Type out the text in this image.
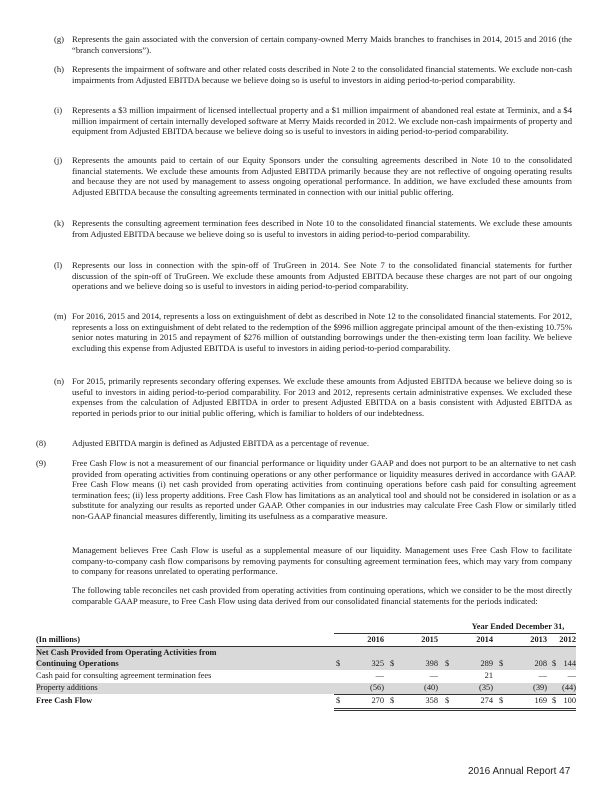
(g) Represents the gain associated with the conversion of certain company-owned Merry Maids branches to franchises in 2014, 2015 and 2016 (the “branch conversions”).
(h) Represents the impairment of software and other related costs described in Note 2 to the consolidated financial statements. We exclude non-cash impairments from Adjusted EBITDA because we believe doing so is useful to investors in aiding period-to-period comparability.
(i) Represents a $3 million impairment of licensed intellectual property and a $1 million impairment of abandoned real estate at Terminix, and a $4 million impairment of certain internally developed software at Merry Maids recorded in 2012. We exclude non-cash impairments of property and equipment from Adjusted EBITDA because we believe doing so is useful to investors in aiding period-to-period comparability.
(j) Represents the amounts paid to certain of our Equity Sponsors under the consulting agreements described in Note 10 to the consolidated financial statements. We exclude these amounts from Adjusted EBITDA primarily because they are not reflective of ongoing operating results and because they are not used by management to assess ongoing operational performance. In addition, we have excluded these amounts from Adjusted EBITDA because the consulting agreements terminated in connection with our initial public offering.
(k) Represents the consulting agreement termination fees described in Note 10 to the consolidated financial statements. We exclude these amounts from Adjusted EBITDA because we believe doing so is useful to investors in aiding period-to-period comparability.
(l) Represents our loss in connection with the spin-off of TruGreen in 2014. See Note 7 to the consolidated financial statements for further discussion of the spin-off of TruGreen. We exclude these amounts from Adjusted EBITDA because these charges are not part of our ongoing operations and we believe doing so is useful to investors in aiding period-to-period comparability.
(m) For 2016, 2015 and 2014, represents a loss on extinguishment of debt as described in Note 12 to the consolidated financial statements. For 2012, represents a loss on extinguishment of debt related to the redemption of the $996 million aggregate principal amount of the then-existing 10.75% senior notes maturing in 2015 and repayment of $276 million of outstanding borrowings under the then-existing term loan facility. We believe excluding this expense from Adjusted EBITDA is useful to investors in aiding period-to-period comparability.
(n) For 2015, primarily represents secondary offering expenses. We exclude these amounts from Adjusted EBITDA because we believe doing so is useful to investors in aiding period-to-period comparability. For 2013 and 2012, represents certain administrative expenses. We excluded these expenses from the calculation of Adjusted EBITDA in order to present Adjusted EBITDA on a basis consistent with Adjusted EBITDA as reported in periods prior to our initial public offering, which is familiar to holders of our indebtedness.
(8)	Adjusted EBITDA margin is defined as Adjusted EBITDA as a percentage of revenue.
(9)	Free Cash Flow is not a measurement of our financial performance or liquidity under GAAP and does not purport to be an alternative to net cash provided from operating activities from continuing operations or any other performance or liquidity measures derived in accordance with GAAP. Free Cash Flow means (i) net cash provided from operating activities from continuing operations before cash paid for consulting agreement termination fees; (ii) less property additions. Free Cash Flow has limitations as an analytical tool and should not be considered in isolation or as a substitute for analyzing our results as reported under GAAP. Other companies in our industries may calculate Free Cash Flow or similarly titled non-GAAP financial measures differently, limiting its usefulness as a comparative measure.
Management believes Free Cash Flow is useful as a supplemental measure of our liquidity. Management uses Free Cash Flow to facilitate company-to-company cash flow comparisons by removing payments for consulting agreement termination fees, which may vary from company to company for reasons unrelated to operating performance.
The following table reconciles net cash provided from operating activities from continuing operations, which we consider to be the most directly comparable GAAP measure, to Free Cash Flow using data derived from our consolidated financial statements for the periods indicated:
Year Ended December 31,
(In millions)	2016	2015	2014	2013	2012
Net Cash Provided from Operating Activities from
Continuing Operations	$	325 $	398 $	289 $	208 $ 144
Cash paid for consulting agreement termination fees	—	—	21	—	—
Property additions	(56)	(40)	(35)	(39)	(44)
Free Cash Flow	$	270 $	358 $	274 $	169 $ 100
2016 Annual Report 47
